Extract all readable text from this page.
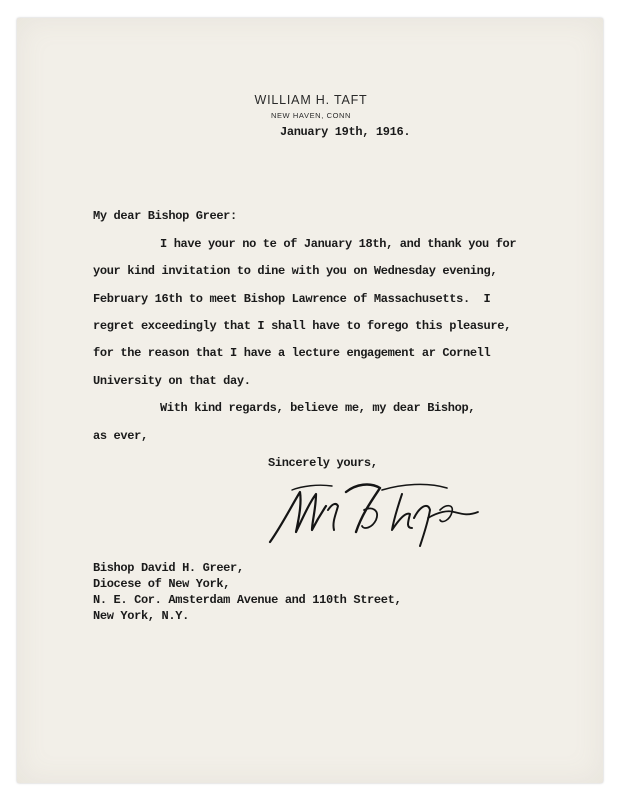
WILLIAM H. TAFT
NEW HAVEN, CONN
January 19th, 1916.
My dear Bishop Greer:
I have your no te of January 18th, and thank you for
your kind invitation to dine with you on Wednesday evening,
February 16th to meet Bishop Lawrence of Massachusetts.  I
regret exceedingly that I shall have to forego this pleasure,
for the reason that I have a lecture engagement ar Cornell
University on that day.
With kind regards, believe me, my dear Bishop,
as ever,
Sincerely yours,
Bishop David H. Greer,
Diocese of New York,
N. E. Cor. Amsterdam Avenue and 110th Street,
New York, N.Y.
